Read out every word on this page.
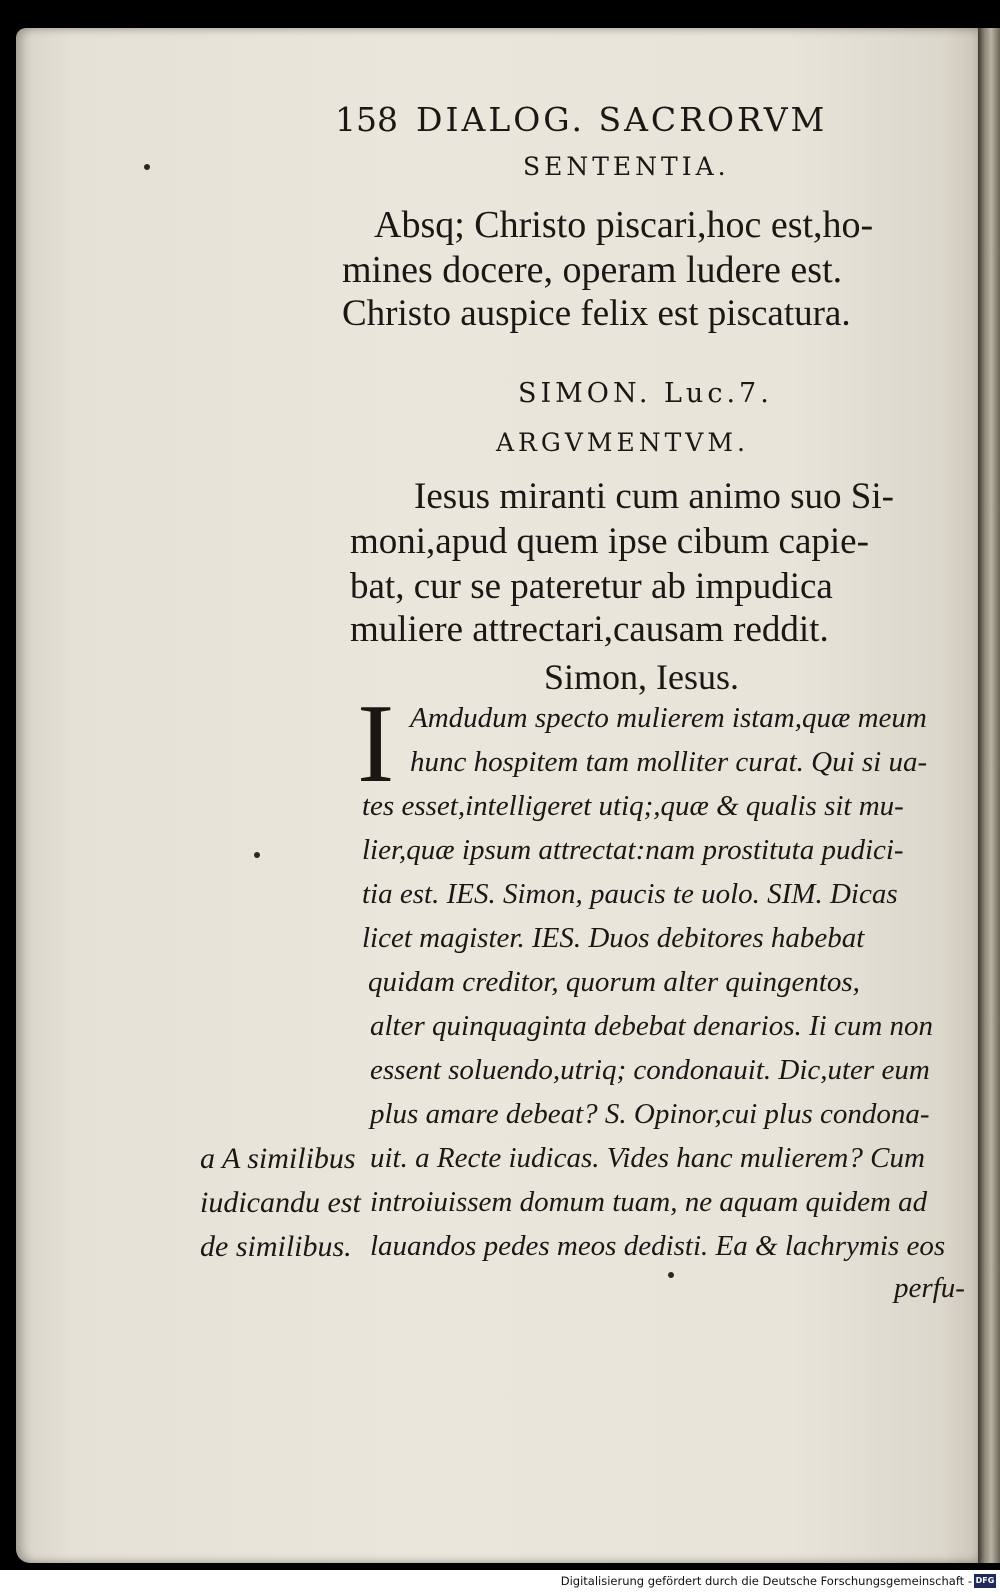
158 DIALOG. SACRORVM
SENTENTIA.
Absq; Christo piscari,hoc est,ho-
mines docere, operam ludere est.
Christo auspice felix est piscatura.
SIMON. Luc.7.
ARGVMENTVM.
Iesus miranti cum animo suo Si-
moni,apud quem ipse cibum capie-
bat, cur se pateretur ab impudica
muliere attrectari,causam reddit.
Simon, Iesus.
I Amdudum specto mulierem istam,quæ meum
hunc hospitem tam molliter curat. Qui si ua-
tes esset,intelligeret utiq;,quæ & qualis sit mu-
lier,quæ ipsum attrectat:nam prostituta pudici-
tia est. IES. Simon, paucis te uolo. SIM. Dicas
licet magister. IES. Duos debitores habebat
quidam creditor, quorum alter quingentos,
alter quinquaginta debebat denarios. Ii cum non
essent soluendo,utriq; condonauit. Dic,uter eum
plus amare debeat? S. Opinor,cui plus condona-
uit. a Recte iudicas. Vides hanc mulierem? Cum
introiuissem domum tuam, ne aquam quidem ad
lauandos pedes meos dedisti. Ea & lachrymis eos
perfu-
a A similibus
iudicandu est
de similibus.
Digitalisierung gefördert durch die Deutsche Forschungsgemeinschaft - DFG
